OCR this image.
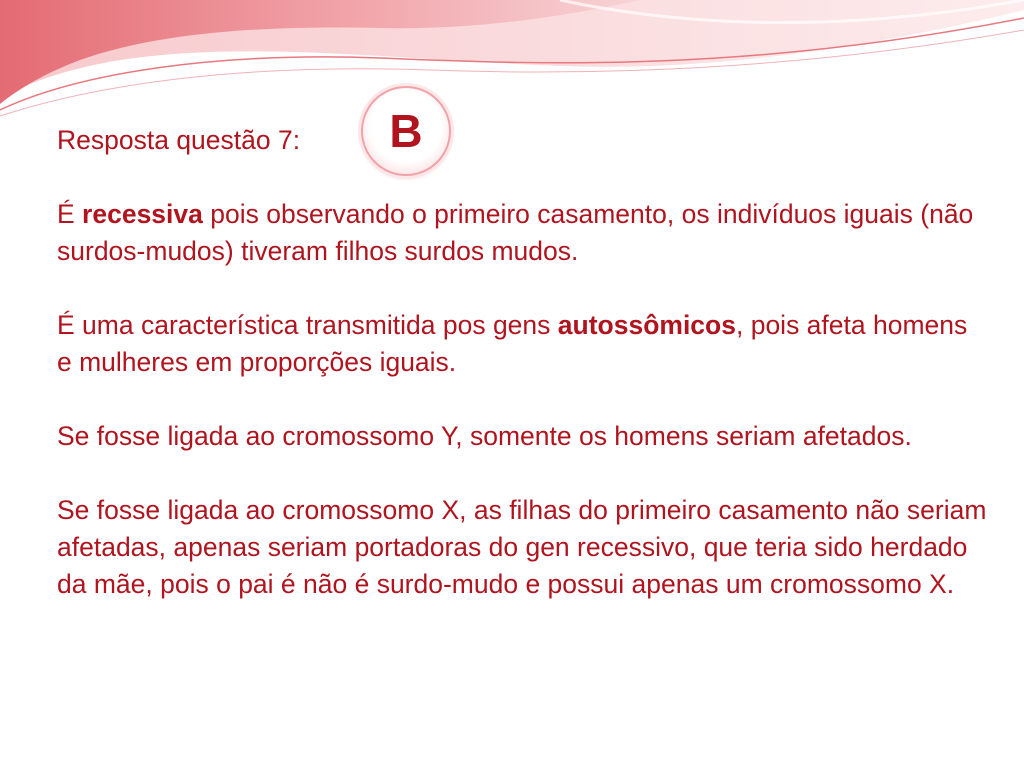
B

Resposta questão 7:

É recessiva pois observando o primeiro casamento, os indivíduos iguais (não surdos-mudos) tiveram filhos surdos mudos.

É uma característica transmitida pos gens autossômicos, pois afeta homens e mulheres em proporções iguais.

Se fosse ligada ao cromossomo Y, somente os homens seriam afetados.

Se fosse ligada ao cromossomo X, as filhas do primeiro casamento não seriam afetadas, apenas seriam portadoras do gen recessivo, que teria sido herdado da mãe, pois o pai é não é surdo-mudo e possui apenas um cromossomo X.
